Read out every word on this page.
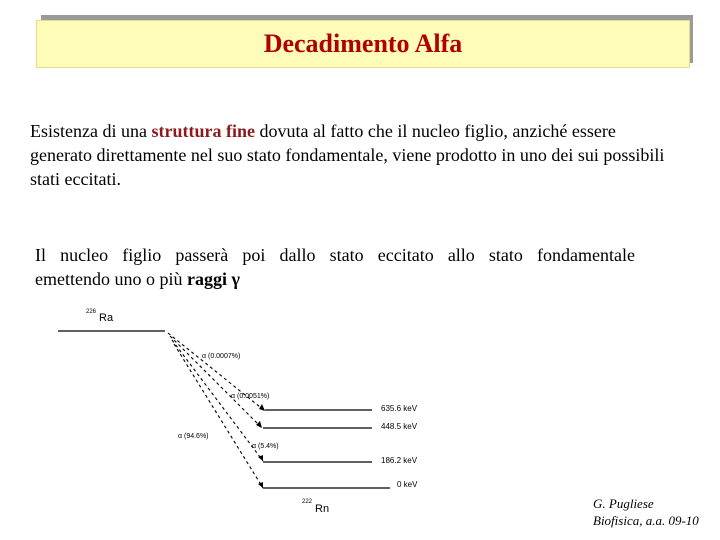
Decadimento Alfa
Esistenza di una struttura fine dovuta al fatto che il nucleo figlio, anziché essere generato direttamente nel suo stato fondamentale, viene prodotto in uno dei sui possibili stati eccitati.
Il nucleo figlio passerà poi dallo stato eccitato allo stato fondamentale
emettendo uno o più raggi γ
226 Ra
α (0.0007%)
α (0.0051%)
α (94.6%)
α (5.4%)
635.6 keV
448.5 keV
186.2 keV
0 keV
222
Rn	G. Pugliese
Biofisica, a.a. 09-10
